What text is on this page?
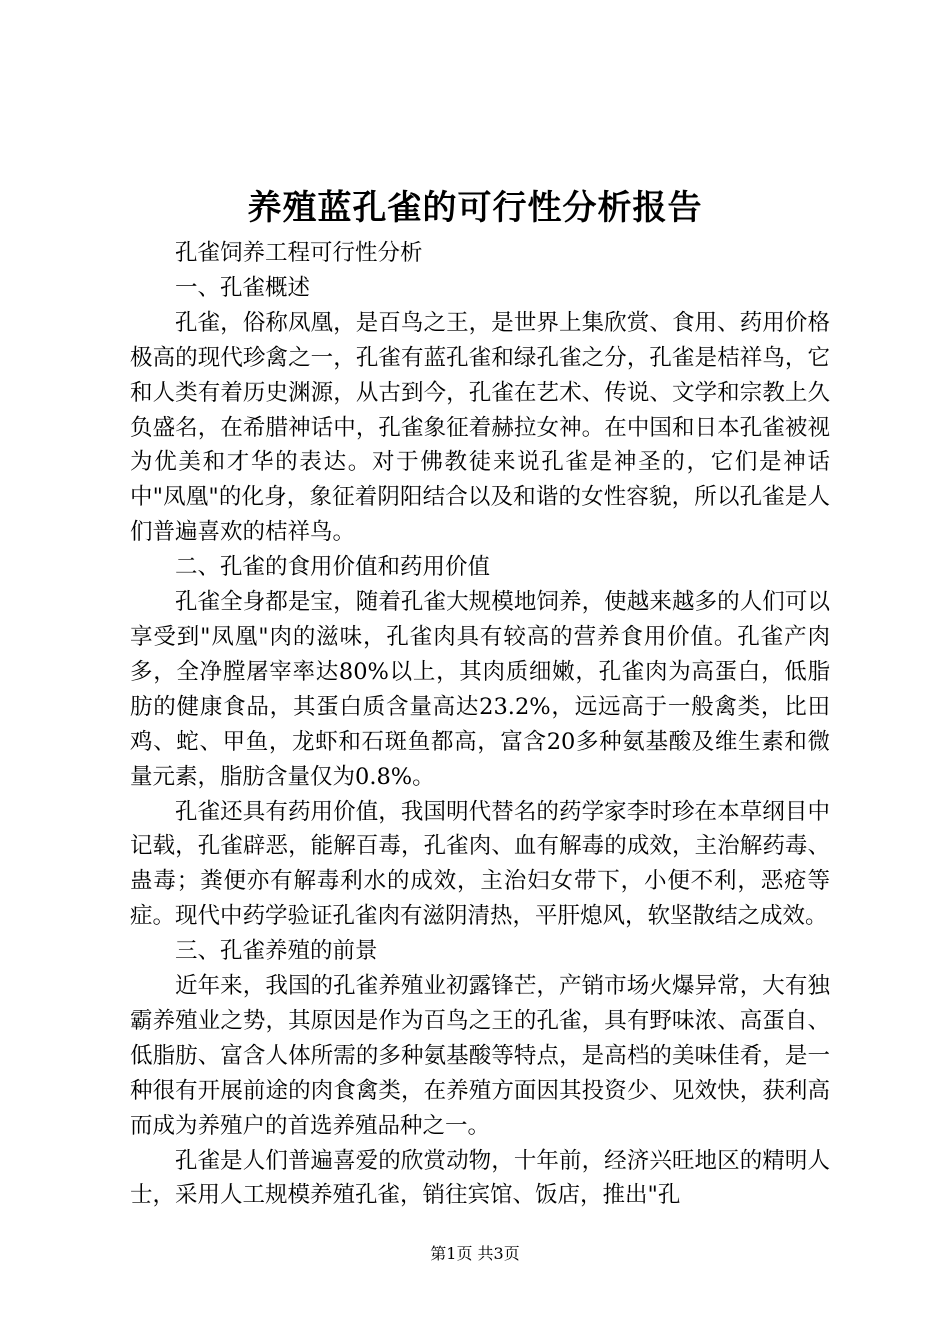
养殖蓝孔雀的可行性分析报告

孔雀饲养工程可行性分析

一、孔雀概述

孔雀，俗称凤凰，是百鸟之王，是世界上集欣赏、食用、药用价格极高的现代珍禽之一，孔雀有蓝孔雀和绿孔雀之分，孔雀是桔祥鸟，它和人类有着历史渊源，从古到今，孔雀在艺术、传说、文学和宗教上久负盛名，在希腊神话中，孔雀象征着赫拉女神。在中国和日本孔雀被视为优美和才华的表达。对于佛教徒来说孔雀是神圣的，它们是神话中"凤凰"的化身，象征着阴阳结合以及和谐的女性容貌，所以孔雀是人们普遍喜欢的桔祥鸟。

二、孔雀的食用价值和药用价值

孔雀全身都是宝，随着孔雀大规模地饲养，使越来越多的人们可以享受到"凤凰"肉的滋味，孔雀肉具有较高的营养食用价值。孔雀产肉多，全净膛屠宰率达80%以上，其肉质细嫩，孔雀肉为高蛋白，低脂肪的健康食品，其蛋白质含量高达23.2%，远远高于一般禽类，比田鸡、蛇、甲鱼，龙虾和石斑鱼都高，富含20多种氨基酸及维生素和微量元素，脂肪含量仅为0.8%。

孔雀还具有药用价值，我国明代替名的药学家李时珍在本草纲目中记载，孔雀辟恶，能解百毒，孔雀肉、血有解毒的成效，主治解药毒、蛊毒；粪便亦有解毒利水的成效，主治妇女带下，小便不利，恶疮等症。现代中药学验证孔雀肉有滋阴清热，平肝熄风，软坚散结之成效。

三、孔雀养殖的前景

近年来，我国的孔雀养殖业初露锋芒，产销市场火爆异常，大有独霸养殖业之势，其原因是作为百鸟之王的孔雀，具有野味浓、高蛋自、低脂肪、富含人体所需的多种氨基酸等特点，是高档的美味佳肴，是一种很有开展前途的肉食禽类，在养殖方面因其投资少、见效快，获利高而成为养殖户的首选养殖品种之一。

孔雀是人们普遍喜爱的欣赏动物，十年前，经济兴旺地区的精明人士，采用人工规模养殖孔雀，销往宾馆、饭店，推出"孔

第1页 共3页
